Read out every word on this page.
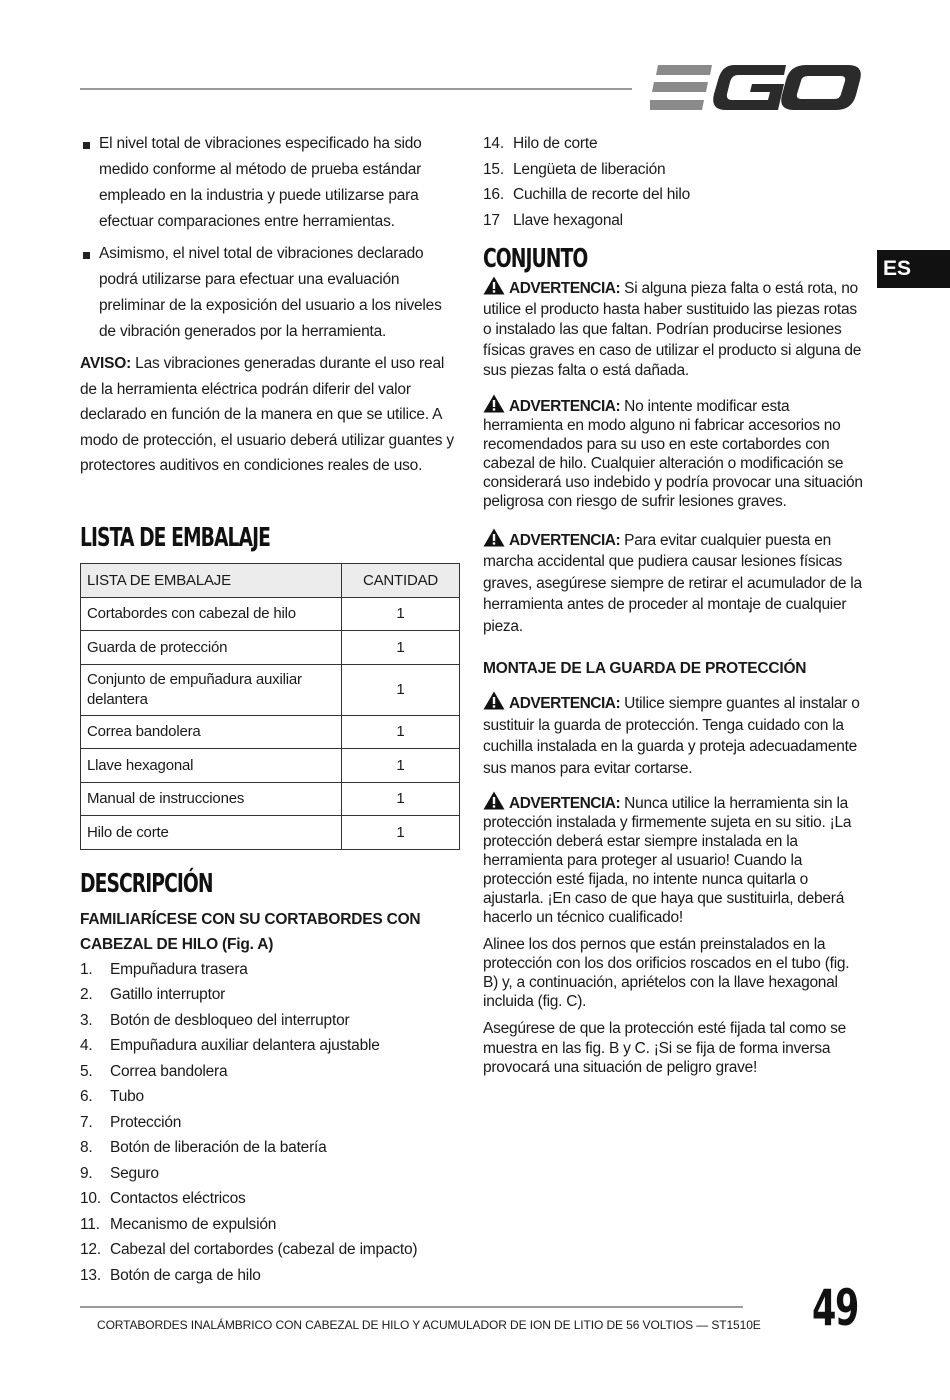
ES
El nivel total de vibraciones especificado ha sido medido conforme al método de prueba estándar empleado en la industria y puede utilizarse para efectuar comparaciones entre herramientas.
Asimismo, el nivel total de vibraciones declarado podrá utilizarse para efectuar una evaluación preliminar de la exposición del usuario a los niveles de vibración generados por la herramienta.

AVISO: Las vibraciones generadas durante el uso real de la herramienta eléctrica podrán diferir del valor declarado en función de la manera en que se utilice. A modo de protección, el usuario deberá utilizar guantes y protectores auditivos en condiciones reales de uso.

LISTA DE EMBALAJE
LISTA DE EMBALAJE	CANTIDAD
Cortabordes con cabezal de hilo	1
Guarda de protección	1
Conjunto de empuñadura auxiliar delantera	1
Correa bandolera	1
Llave hexagonal	1
Manual de instrucciones	1
Hilo de corte	1
DESCRIPCIÓN
FAMILIARÍCESE CON SU CORTABORDES CON CABEZAL DE HILO (Fig. A)
1.	Empuñadura trasera
2.	Gatillo interruptor
3.	Botón de desbloqueo del interruptor
4.	Empuñadura auxiliar delantera ajustable
5.	Correa bandolera
6.	Tubo
7.	Protección
8.	Botón de liberación de la batería
9.	Seguro
10. Contactos eléctricos
11. Mecanismo de expulsión
12. Cabezal del cortabordes (cabezal de impacto)
13. Botón de carga de hilo
14. Hilo de corte
15. Lengüeta de liberación
16. Cuchilla de recorte del hilo
17 Llave hexagonal
CONJUNTO

ADVERTENCIA: Si alguna pieza falta o está rota, no utilice el producto hasta haber sustituido las piezas rotas o instalado las que faltan. Podrían producirse lesiones físicas graves en caso de utilizar el producto si alguna de sus piezas falta o está dañada.

ADVERTENCIA: No intente modificar esta herramienta en modo alguno ni fabricar accesorios no recomendados para su uso en este cortabordes con cabezal de hilo. Cualquier alteración o modificación se considerará uso indebido y podría provocar una situación peligrosa con riesgo de sufrir lesiones graves.

ADVERTENCIA: Para evitar cualquier puesta en marcha accidental que pudiera causar lesiones físicas graves, asegúrese siempre de retirar el acumulador de la herramienta antes de proceder al montaje de cualquier pieza.

MONTAJE DE LA GUARDA DE PROTECCIÓN

ADVERTENCIA: Utilice siempre guantes al instalar o sustituir la guarda de protección. Tenga cuidado con la cuchilla instalada en la guarda y proteja adecuadamente sus manos para evitar cortarse.

ADVERTENCIA: Nunca utilice la herramienta sin la protección instalada y firmemente sujeta en su sitio. ¡La protección deberá estar siempre instalada en la herramienta para proteger al usuario! Cuando la protección esté fijada, no intente nunca quitarla o ajustarla. ¡En caso de que haya que sustituirla, deberá hacerlo un técnico cualificado!

Alinee los dos pernos que están preinstalados en la protección con los dos orificios roscados en el tubo (fig. B) y, a continuación, apriételos con la llave hexagonal incluida (fig. C).

Asegúrese de que la protección esté fijada tal como se muestra en las fig. B y C. ¡Si se fija de forma inversa provocará una situación de peligro grave!

CORTABORDES INALÁMBRICO CON CABEZAL DE HILO Y ACUMULADOR DE ION DE LITIO DE 56 VOLTIOS — ST1510E 49
